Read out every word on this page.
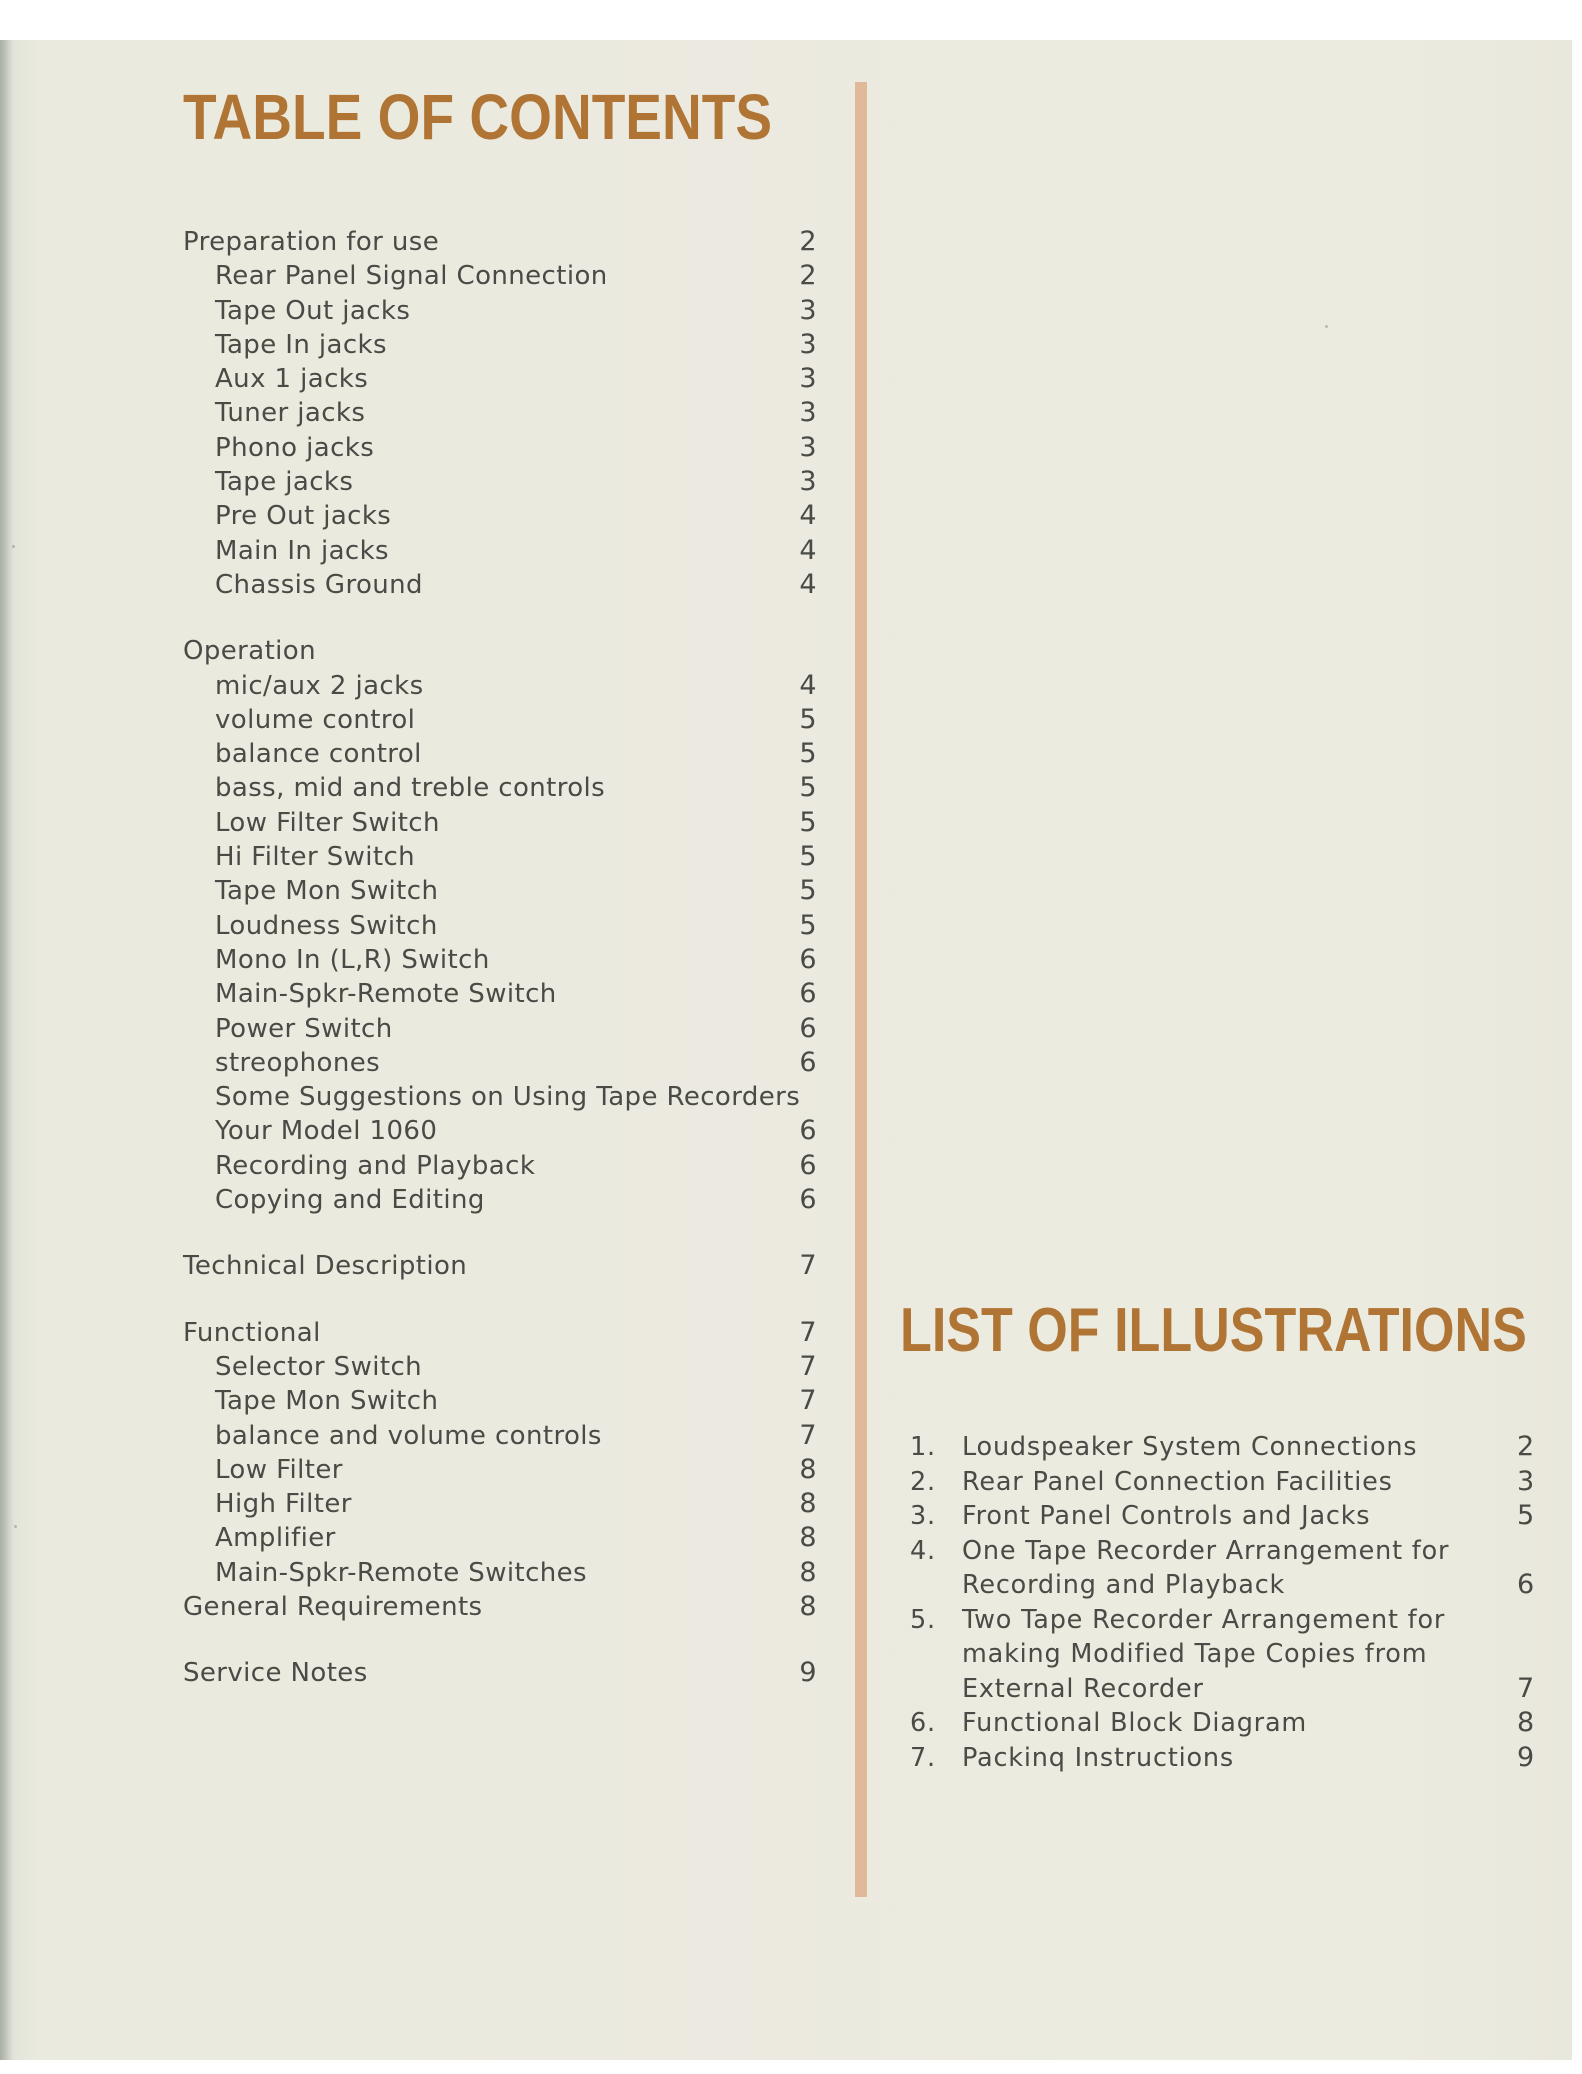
TABLE OF CONTENTS
Preparation for use	2
Rear Panel Signal Connection	2
Tape Out jacks	3
Tape In jacks	3
Aux 1 jacks	3
Tuner jacks	3
Phono jacks	3
Tape jacks	3
Pre Out jacks	4
Main In jacks	4
Chassis Ground	4
Operation
mic/aux 2 jacks	4
volume control	5
balance control	5
bass, mid and treble controls	5
Low Filter Switch	5
Hi Filter Switch	5
Tape Mon Switch	5
Loudness Switch	5
Mono In (L,R) Switch	6
Main-Spkr-Remote Switch	6
Power Switch	6
streophones	6
Some Suggestions on Using Tape Recorders
Your Model 1060	6
Recording and Playback	6
Copying and Editing	6
Technical Description	7
Functional	7
Selector Switch	7
Tape Mon Switch	7
balance and volume controls	7
Low Filter	8
High Filter	8
Amplifier	8
Main-Spkr-Remote Switches	8
General Requirements	8
Service Notes	9
LIST OF ILLUSTRATIONS
1. Loudspeaker System Connections	2
2. Rear Panel Connection Facilities	3
3. Front Panel Controls and Jacks	5
4. One Tape Recorder Arrangement for Recording and Playback	6
5. Two Tape Recorder Arrangement for making Modified Tape Copies from External Recorder	7
6. Functional Block Diagram	8
7. Packinq Instructions	9
